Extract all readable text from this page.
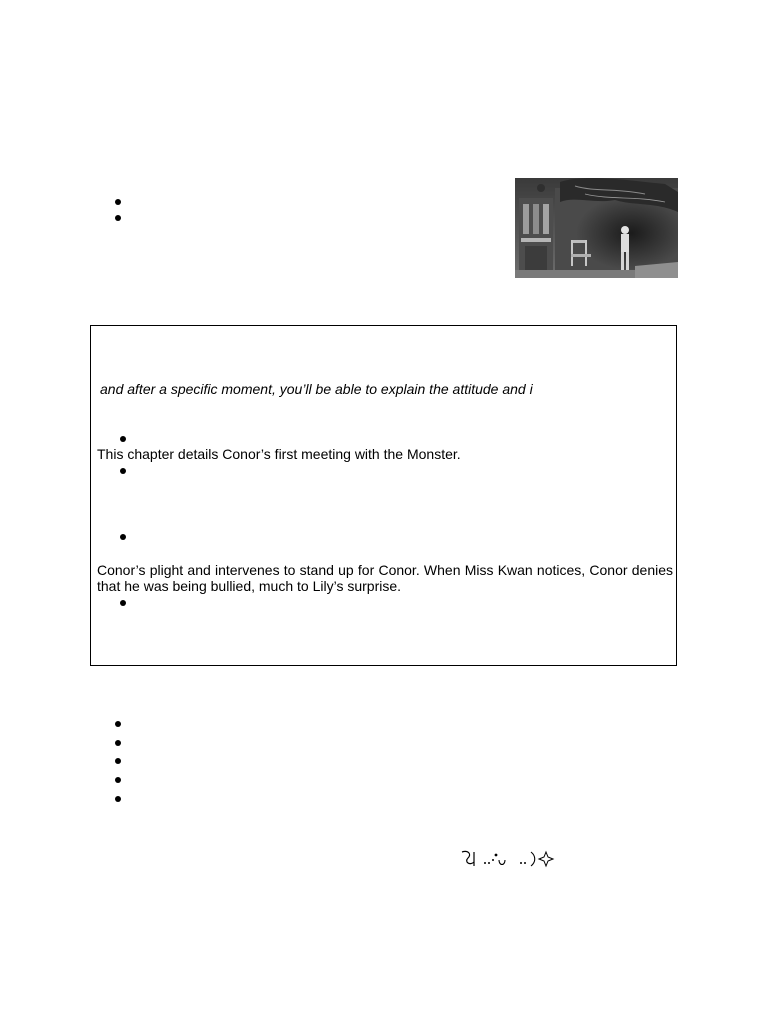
and after a specific moment, you’ll be able to explain the attitude and i
This chapter details Conor’s first meeting with the Monster.
Conor’s plight and intervenes to stand up for Conor. When Miss Kwan notices, Conor denies that he was being bullied, much to Lily’s surprise.
